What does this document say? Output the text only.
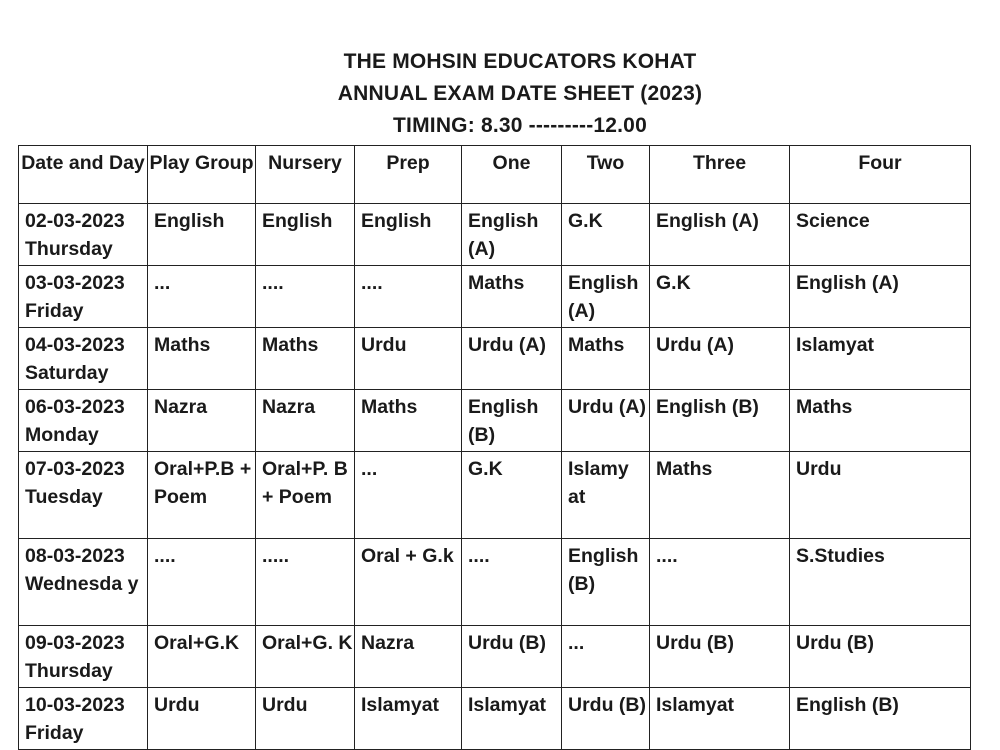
THE MOHSIN EDUCATORS KOHAT
ANNUAL EXAM DATE SHEET (2023)
TIMING: 8.30 ---------12.00
Date and Day	Play Group	Nursery	Prep	One	Two	Three	Four

02-03-2023 Thursday	English	English	English	English (A)	G.K	English (A)	Science

03-03-2023 Friday	...	....	....	Maths	English (A)	G.K	English (A)

04-03-2023 Saturday	Maths	Maths	Urdu	Urdu (A)	Maths	Urdu (A)	Islamyat

06-03-2023 Monday	Nazra	Nazra	Maths	English (B)	Urdu (A)	English (B)	Maths

07-03-2023 Tuesday	Oral+P.B + Poem	Oral+P. B + Poem	...	G.K	Islamy at	Maths	Urdu

08-03-2023 Wednesda y	....	.....	Oral + G.k	....	English (B)	....	S.Studies

09-03-2023 Thursday	Oral+G.K	Oral+G. K	Nazra	Urdu (B)	...	Urdu (B)	Urdu (B)

10-03-2023 Friday	Urdu	Urdu	Islamyat	Islamyat	Urdu (B)	Islamyat	English (B)
